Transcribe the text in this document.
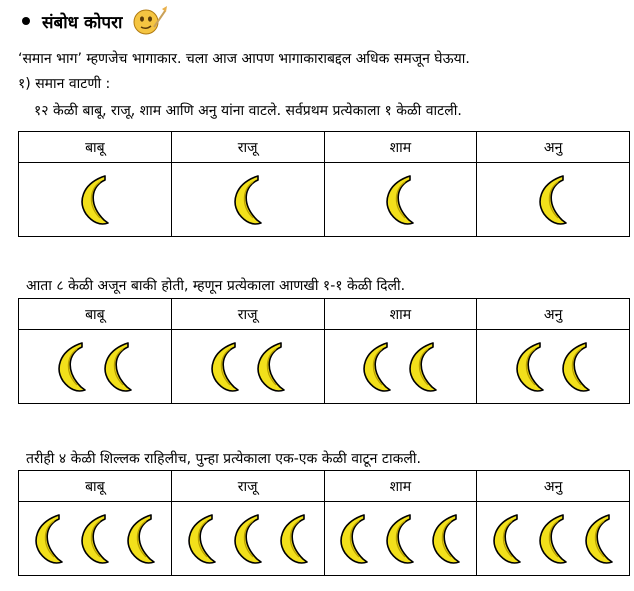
संबोध कोपरा
‘समान भाग’ म्हणजेच भागाकार. चला आज आपण भागाकाराबद्दल अधिक समजून घेऊया.
१) समान वाटणी :
१२ केळी बाबू, राजू, शाम आणि अनु यांना वाटले. सर्वप्रथम प्रत्येकाला १ केळी वाटली.
बाबू	राजू	शाम	अनु

आता ८ केळी अजून बाकी होती, म्हणून प्रत्येकाला आणखी १-१ केळी दिली.
बाबू	राजू	शाम	अनु

तरीही ४ केळी शिल्लक राहिलीच, पुन्हा प्रत्येकाला एक-एक केळी वाटून टाकली.
बाबू	राजू	शाम	अनु
